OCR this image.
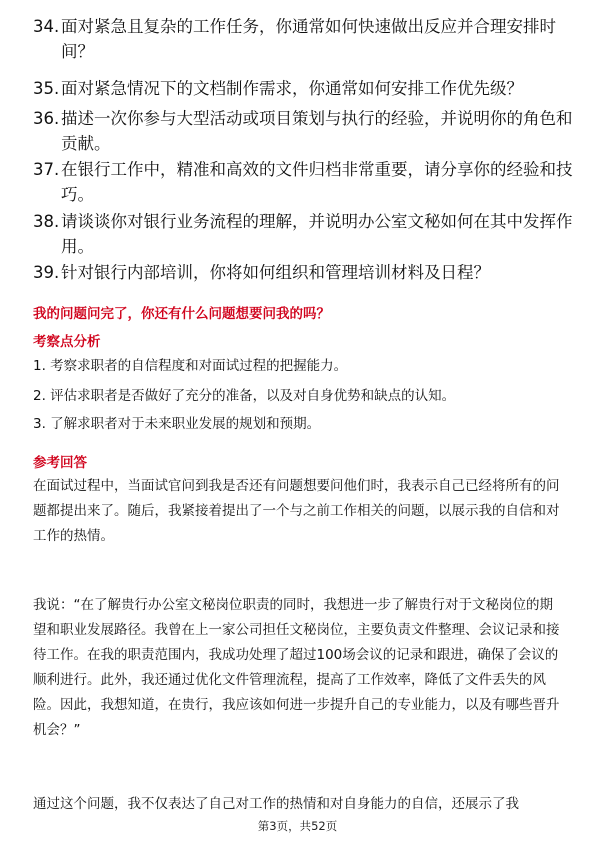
34. 面对紧急且复杂的工作任务，你通常如何快速做出反应并合理安排时间？
35. 面对紧急情况下的文档制作需求，你通常如何安排工作优先级？
36. 描述一次你参与大型活动或项目策划与执行的经验，并说明你的角色和贡献。
37. 在银行工作中，精准和高效的文件归档非常重要，请分享你的经验和技巧。
38. 请谈谈你对银行业务流程的理解，并说明办公室文秘如何在其中发挥作用。
39. 针对银行内部培训，你将如何组织和管理培训材料及日程？
我的问题问完了，你还有什么问题想要问我的吗？
考察点分析
1. 考察求职者的自信程度和对面试过程的把握能力。
2. 评估求职者是否做好了充分的准备，以及对自身优势和缺点的认知。
3. 了解求职者对于未来职业发展的规划和预期。
参考回答
在面试过程中，当面试官问到我是否还有问题想要问他们时，我表示自己已经将所有的问题都提出来了。随后，我紧接着提出了一个与之前工作相关的问题，以展示我的自信和对工作的热情。
我说：“在了解贵行办公室文秘岗位职责的同时，我想进一步了解贵行对于文秘岗位的期望和职业发展路径。我曾在上一家公司担任文秘岗位，主要负责文件整理、会议记录和接待工作。在我的职责范围内，我成功处理了超过100场会议的记录和跟进，确保了会议的顺利进行。此外，我还通过优化文件管理流程，提高了工作效率，降低了文件丢失的风险。因此，我想知道，在贵行，我应该如何进一步提升自己的专业能力，以及有哪些晋升机会？”
通过这个问题，我不仅表达了自己对工作的热情和对自身能力的自信，还展示了我
第3页，共52页
